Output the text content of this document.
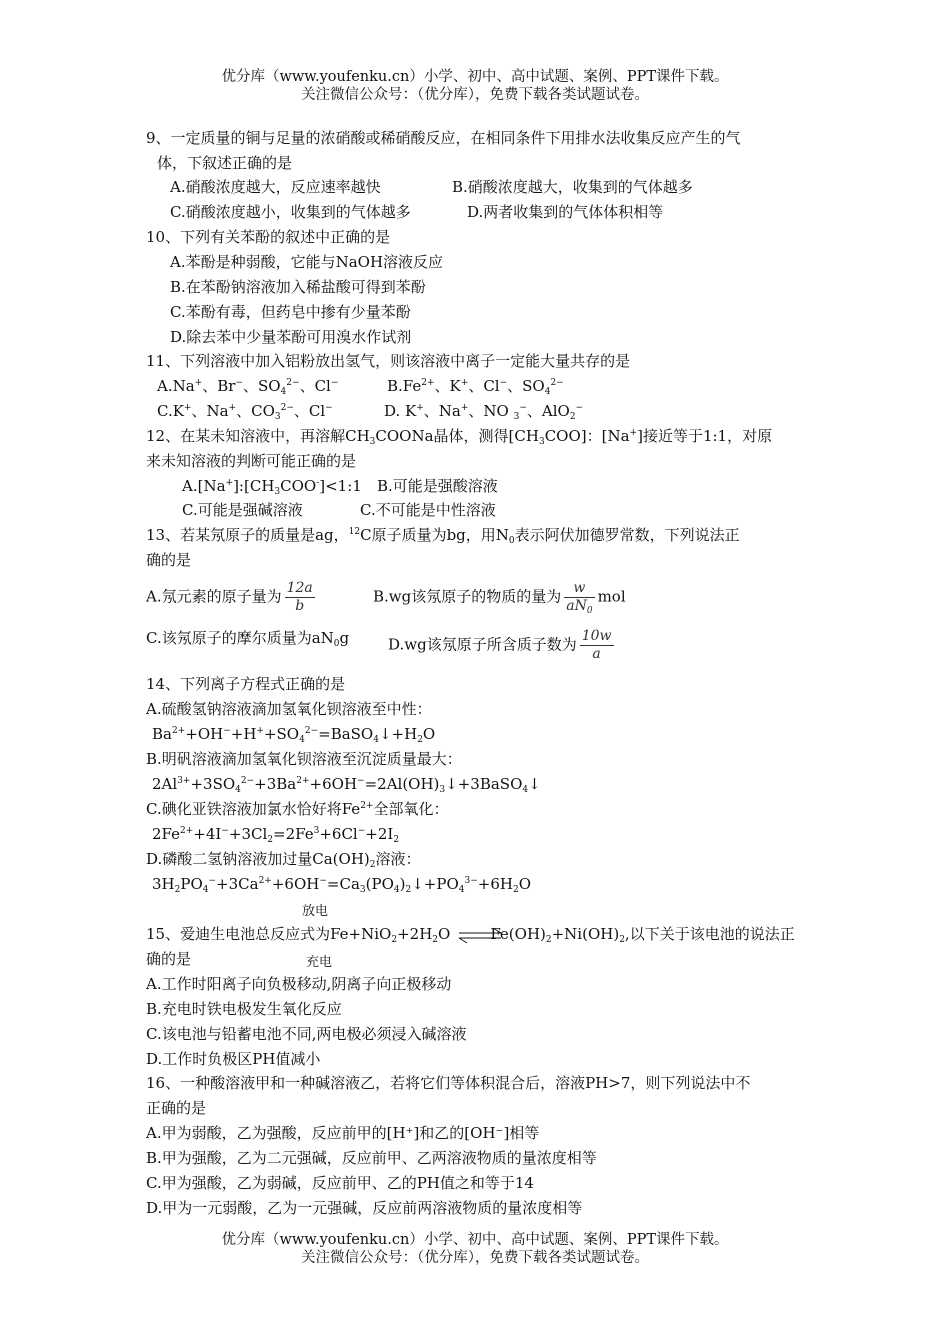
优分库（www.youfenku.cn）小学、初中、高中试题、案例、PPT课件下载。
关注微信公众号：（优分库），免费下载各类试题试卷。
9、一定质量的铜与足量的浓硝酸或稀硝酸反应，在相同条件下用排水法收集反应产生的气
体，下叙述正确的是
A.硝酸浓度越大，反应速率越快	B.硝酸浓度越大，收集到的气体越多
C.硝酸浓度越小，收集到的气体越多	D.两者收集到的气体体积相等
10、下列有关苯酚的叙述中正确的是
A.苯酚是种弱酸，它能与NaOH溶液反应
B.在苯酚钠溶液加入稀盐酸可得到苯酚
C.苯酚有毒，但药皂中掺有少量苯酚
D.除去苯中少量苯酚可用溴水作试剂
11、下列溶液中加入铝粉放出氢气，则该溶液中离子一定能大量共存的是
A.Na+、Br−、$SO_4^{2-}$、Cl−	$B.Fe^{2+}$、K+、Cl−、$SO_4^{2-}$
C.K+、Na+、$CO_3^{2-}$、Cl−	D. K+、Na+、NO $_3$−、AlO$_2$−
12、在某未知溶液中，再溶解$CH_3COONa$晶体，测得$[CH_3COO]$：[Na+]接近等于1:1，对原
来未知溶液的判断可能正确的是
$A.[Na^+]:[CH_3COO^-]<1:1$ B.可能是强酸溶液
C.可能是强碱溶液	C.不可能是中性溶液
13、若某氖原子的质量是ag，$^{12}$C原子质量为bg，用$N_0$表示阿伏加德罗常数，下列说法正
确的是
A.氖元素的原子量为 $\frac{12a}{b}$	B.wg该氖原子的物质的量为 $\frac{w}{aN_0}$ mol
C.该氖原子的摩尔质量为$aN_0g$	D.wg该氖原子所含质子数为 $\frac{10w}{a}$
14、下列离子方程式正确的是
A.硫酸氢钠溶液滴加氢氧化钡溶液至中性：
$Ba^{2+}+OH^-+H^++SO_4^{2-}=BaSO_4↓+H_2O$
B.明矾溶液滴加氢氧化钡溶液至沉淀质量最大：
$2Al^{3+}+3SO_4^{2-}+3Ba^{2+}+6OH^-=2Al(OH)_3↓+3BaSO_4↓$
C.碘化亚铁溶液加氯水恰好将$Fe^{2+}$全部氧化：
$2Fe^{2+}+4I^-+3Cl_2=2Fe^3+6Cl^-+2I_2$
D.磷酸二氢钠溶液加过量$Ca(OH)_2$溶液：
$3H_2PO_4^-+3Ca^{2+}+6OH^-=Ca_3(PO_4)_2↓+PO_4^{3-}+6H_2O$
放电
15、爱迪生电池总反应式为$Fe+NiO_2+2H_2O$	$Fe(OH)_2+Ni(OH)_2$,以下关于该电池的说法正
充电
确的是
A.工作时阳离子向负极移动,阴离子向正极移动
B.充电时铁电极发生氧化反应
C.该电池与铅蓄电池不同,两电极必须浸入碱溶液
D.工作时负极区PH值减小
16、一种酸溶液甲和一种碱溶液乙，若将它们等体积混合后，溶液PH>7，则下列说法中不
正确的是
A.甲为弱酸，乙为强酸，反应前甲的[H⁺]和乙的[OH⁻]相等
B.甲为强酸，乙为二元强碱，反应前甲、乙两溶液物质的量浓度相等
C.甲为强酸，乙为弱碱，反应前甲、乙的PH值之和等于14
D.甲为一元弱酸，乙为一元强碱，反应前两溶液物质的量浓度相等
优分库（www.youfenku.cn）小学、初中、高中试题、案例、PPT课件下载。
关注微信公众号：（优分库），免费下载各类试题试卷。
